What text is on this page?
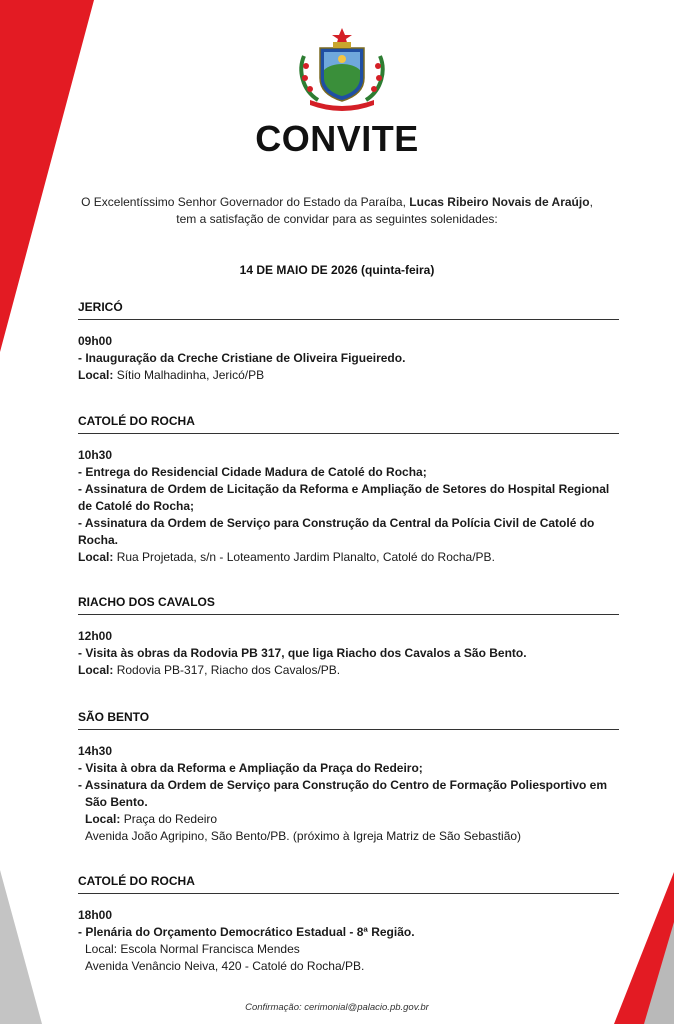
CONVITE
O Excelentíssimo Senhor Governador do Estado da Paraíba, Lucas Ribeiro Novais de Araújo,
tem a satisfação de convidar para as seguintes solenidades:
14 DE MAIO DE 2026 (quinta-feira)
JERICÓ
09h00
- Inauguração da Creche Cristiane de Oliveira Figueiredo.
Local: Sítio Malhadinha, Jericó/PB
CATOLÉ DO ROCHA
10h30
- Entrega do Residencial Cidade Madura de Catolé do Rocha;
- Assinatura de Ordem de Licitação da Reforma e Ampliação de Setores do Hospital Regional de Catolé do Rocha;
- Assinatura da Ordem de Serviço para Construção da Central da Polícia Civil de Catolé do Rocha.
Local: Rua Projetada, s/n - Loteamento Jardim Planalto, Catolé do Rocha/PB.
RIACHO DOS CAVALOS
12h00
- Visita às obras da Rodovia PB 317, que liga Riacho dos Cavalos a São Bento.
Local: Rodovia PB-317, Riacho dos Cavalos/PB.
SÃO BENTO
14h30
- Visita à obra da Reforma e Ampliação da Praça do Redeiro;
- Assinatura da Ordem de Serviço para Construção do Centro de Formação Poliesportivo em
São Bento.
Local: Praça do Redeiro
Avenida João Agripino, São Bento/PB. (próximo à Igreja Matriz de São Sebastião)
CATOLÉ DO ROCHA
18h00
- Plenária do Orçamento Democrático Estadual - 8ª Região.
Local: Escola Normal Francisca Mendes
Avenida Venâncio Neiva, 420 - Catolé do Rocha/PB.
Confirmação: cerimonial@palacio.pb.gov.br
